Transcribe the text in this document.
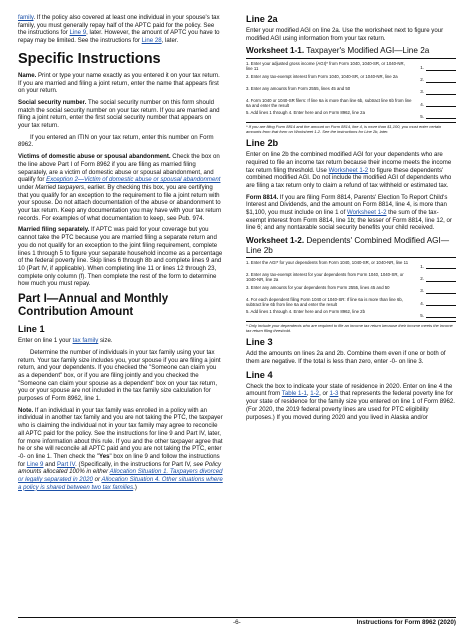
family. If the policy also covered at least one individual in your spouse's tax family, you must generally repay half of the APTC paid for the policy. See the instructions for Line 9, later. However, the amount of APTC you have to repay may be limited. See the instructions for Line 28, later.

Specific Instructions

Name. Print or type your name exactly as you entered it on your tax return. If you are married and filing a joint return, enter the name that appears first on your return.

Social security number. The social security number on this form should match the social security number on your tax return. If you are married and filing a joint return, enter the first social security number that appears on your tax return.

If you entered an ITIN on your tax return, enter this number on Form 8962.

Victims of domestic abuse or spousal abandonment. Check the box on the line above Part I of Form 8962 if you are filing as married filing separately, are a victim of domestic abuse or spousal abandonment, and qualify for Exception 2—Victim of domestic abuse or spousal abandonment under Married taxpayers, earlier. By checking this box, you are certifying that you qualify for an exception to the requirement to file a joint return with your spouse. Do not attach documentation of the abuse or abandonment to your tax return. Keep any documentation you may have with your tax return records. For examples of what documentation to keep, see Pub. 974.

Married filing separately. If APTC was paid for your coverage but you cannot take the PTC because you are married filing a separate return and you do not qualify for an exception to the joint filing requirement, complete lines 1 through 5 to figure your separate household income as a percentage of the federal poverty line. Skip lines 6 through 8b and complete lines 9 and 10 (Part IV, if applicable). When completing line 11 or lines 12 through 23, complete only column (f). Then complete the rest of the form to determine how much you must repay.

Part I—Annual and Monthly Contribution Amount
Line 1

Enter on line 1 your tax family size.

Determine the number of individuals in your tax family using your tax return. Your tax family size includes you, your spouse if you are filing a joint return, and your dependents. If you checked the "Someone can claim you as a dependent" box, or if you are filing jointly and you checked the "Someone can claim your spouse as a dependent" box on your tax return, you or your spouse are not included in the tax family size calculation for purposes of Form 8962, line 1.

Note. If an individual in your tax family was enrolled in a policy with an individual in another tax family and you are not taking the PTC, the taxpayer who is claiming the individual not in your tax family may agree to reconcile all APTC paid for the policy. See the instructions for line 9 and Part IV, later, for more information about this rule. If you and the other taxpayer agree that he or she will reconcile all APTC paid and you are not taking the PTC, enter -0- on line 1. Then check the "Yes" box on line 9 and follow the instructions for Line 9 and Part IV. (Specifically, in the instructions for Part IV, see Policy amounts allocated 100% in either Allocation Situation 1. Taxpayers divorced or legally separated in 2020 or Allocation Situation 4. Other situations where a policy is shared between two tax families.)

Line 2a

Enter your modified AGI on line 2a. Use the worksheet next to figure your modified AGI using information from your tax return.

Worksheet 1-1. Taxpayer's Modified AGI—Line 2a
1. Enter your adjusted gross income (AGI)* from Form 1040, 1040-SR, or 1040-NR, line 11	1.
2. Enter any tax-exempt interest from Form 1040, 1040-SR, or 1040-NR, line 2a
2.
3. Enter any amounts from Form 2555, lines 45 and 50
3.
4. Form 1040 or 1040-SR filers: If line 6a is more than line 6b, subtract line 6b from line 6a and enter the result	4.
5. Add lines 1 through 4. Enter here and on Form 8962, line 2a
5.
* If you are filing Form 8814 and the amount on Form 8814, line 4, is more than $1,100, you must enter certain amounts from that form on Worksheet 1-2. See the instructions for Line 2b, later.
Line 2b

Enter on line 2b the combined modified AGI for your dependents who are required to file an income tax return because their income meets the income tax return filing threshold. Use Worksheet 1-2 to figure these dependents' combined modified AGI. Do not include the modified AGI of dependents who are filing a tax return only to claim a refund of tax withheld or estimated tax.

Form 8814. If you are filing Form 8814, Parents' Election To Report Child's Interest and Dividends, and the amount on Form 8814, line 4, is more than $1,100, you must include on line 1 of Worksheet 1-2 the sum of the tax-exempt interest from Form 8814, line 1b; the lesser of Form 8814, line 12, or line 6; and any nontaxable social security benefits your child received.

Worksheet 1-2. Dependents' Combined Modified AGI—Line 2b
1. Enter the AGI* for your dependents from Form 1040, 1040-SR, or 1040-NR, line 11
1.
2. Enter any tax-exempt interest for your dependents from Form 1040, 1040-SR, or 1040-NR, line 2a	2.
3. Enter any amounts for your dependents from Form 2555, lines 45 and 50
3.
4. For each dependent filing Form 1040 or 1040-SR: If line 6a is more than line 6b, subtract line 6b from line 6a and enter the result	4.
5. Add lines 1 through 4. Enter here and on Form 8962, line 2b
5.
* Only include your dependents who are required to file an income tax return because their income meets the income tax return filing threshold.
Line 3

Add the amounts on lines 2a and 2b. Combine them even if one or both of them are negative. If the total is less than zero, enter -0- on line 3.

Line 4

Check the box to indicate your state of residence in 2020. Enter on line 4 the amount from Table 1-1, 1-2, or 1-3 that represents the federal poverty line for your state of residence for the family size you entered on line 1 of Form 8962. (For 2020, the 2019 federal poverty lines are used for PTC eligibility purposes.) If you moved during 2020 and you lived in Alaska and/or

-6-	Instructions for Form 8962 (2020)
